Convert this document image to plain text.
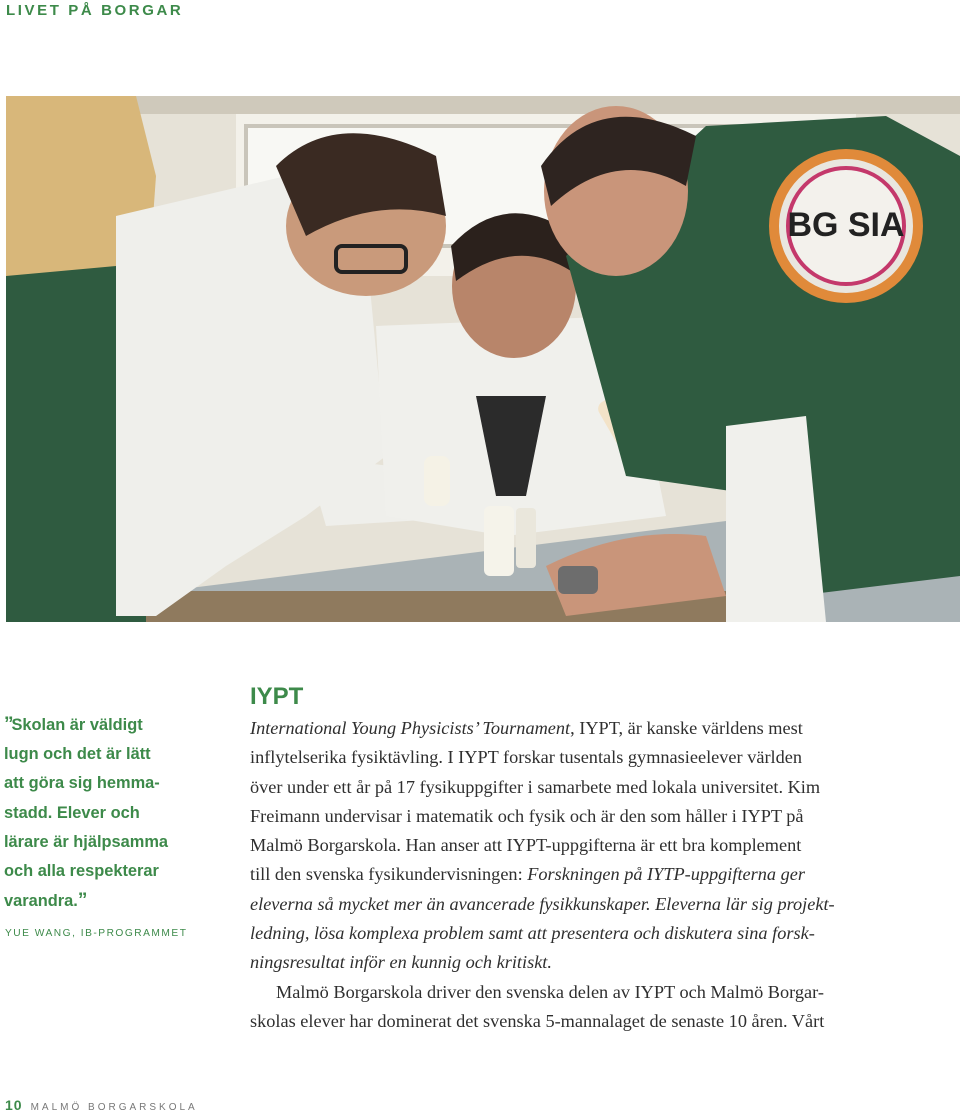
LIVET PÅ BORGAR
BG SIA
”Skolan är väldigt
lugn och det är lätt
att göra sig hemma-
stadd. Elever och
lärare är hjälpsamma
och alla respekterar
varandra.”
YUE WANG, IB-PROGRAMMET
IYPT
International Young Physicists’ Tournament, IYPT, är kanske världens mest
inflytelserika fysiktävling. I IYPT forskar tusentals gymnasieelever världen
över under ett år på 17 fysikuppgifter i samarbete med lokala universitet. Kim
Freimann undervisar i matematik och fysik och är den som håller i IYPT på
Malmö Borgarskola. Han anser att IYPT-uppgifterna är ett bra komplement
till den svenska fysikundervisningen: Forskningen på IYTP-uppgifterna ger
eleverna så mycket mer än avancerade fysikkunskaper. Eleverna lär sig projekt-
ledning, lösa komplexa problem samt att presentera och diskutera sina forsk-
ningsresultat inför en kunnig och kritiskt.
Malmö Borgarskola driver den svenska delen av IYPT och Malmö Borgar-
skolas elever har dominerat det svenska 5-mannalaget de senaste 10 åren. Vårt
10 MALMÖ BORGARSKOLA
